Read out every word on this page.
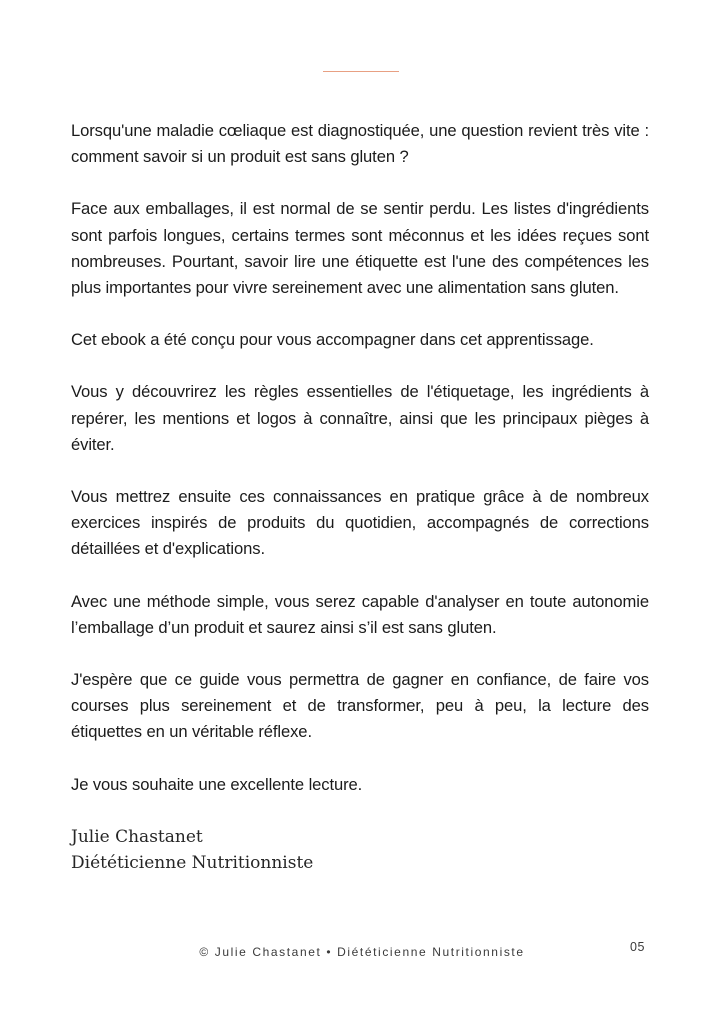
Lorsqu'une maladie cœliaque est diagnostiquée, une question revient très vite : comment savoir si un produit est sans gluten ?

Face aux emballages, il est normal de se sentir perdu. Les listes d'ingrédients sont parfois longues, certains termes sont méconnus et les idées reçues sont nombreuses. Pourtant, savoir lire une étiquette est l'une des compétences les plus importantes pour vivre sereinement avec une alimentation sans gluten.

Cet ebook a été conçu pour vous accompagner dans cet apprentissage.

Vous y découvrirez les règles essentielles de l'étiquetage, les ingrédients à repérer, les mentions et logos à connaître, ainsi que les principaux pièges à éviter.

Vous mettrez ensuite ces connaissances en pratique grâce à de nombreux exercices inspirés de produits du quotidien, accompagnés de corrections détaillées et d'explications.

Avec une méthode simple, vous serez capable d'analyser en toute autonomie l’emballage d’un produit et saurez ainsi s’il est sans gluten.

J'espère que ce guide vous permettra de gagner en confiance, de faire vos courses plus sereinement et de transformer, peu à peu, la lecture des étiquettes en un véritable réflexe.

Je vous souhaite une excellente lecture.

Julie Chastanet

Diététicienne Nutritionniste

© Julie Chastanet • Diététicienne Nutritionniste	05
